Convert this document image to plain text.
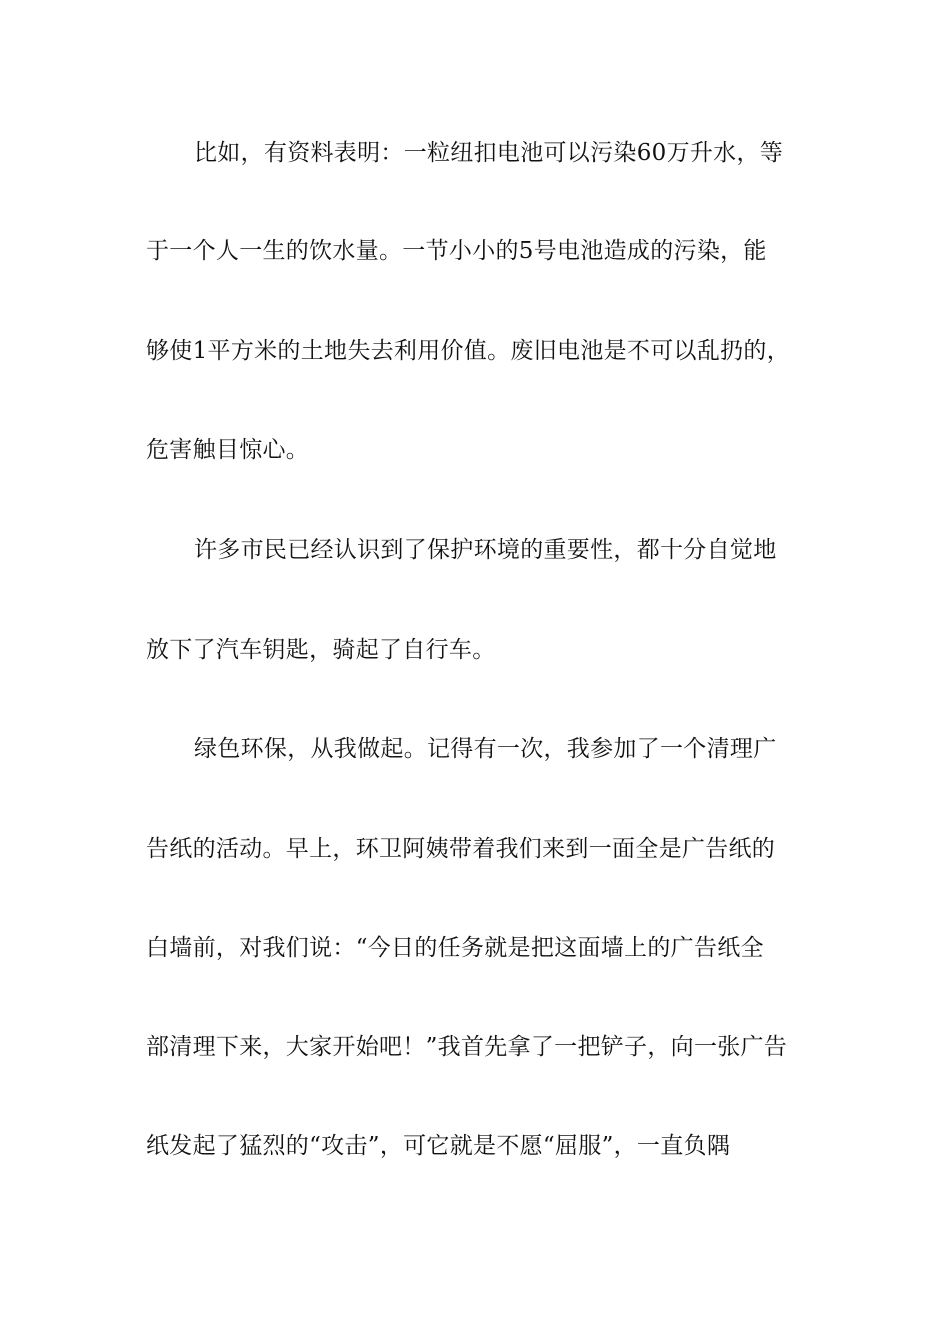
比如，有资料表明：一粒纽扣电池可以污染60万升水，等
于一个人一生的饮水量。一节小小的5号电池造成的污染，能
够使1平方米的土地失去利用价值。废旧电池是不可以乱扔的，
危害触目惊心。
许多市民已经认识到了保护环境的重要性，都十分自觉地
放下了汽车钥匙，骑起了自行车。
绿色环保，从我做起。记得有一次，我参加了一个清理广
告纸的活动。早上，环卫阿姨带着我们来到一面全是广告纸的
白墙前，对我们说：“今日的任务就是把这面墙上的广告纸全
部清理下来，大家开始吧！”我首先拿了一把铲子，向一张广告
纸发起了猛烈的“攻击”，可它就是不愿“屈服”，一直负隅
